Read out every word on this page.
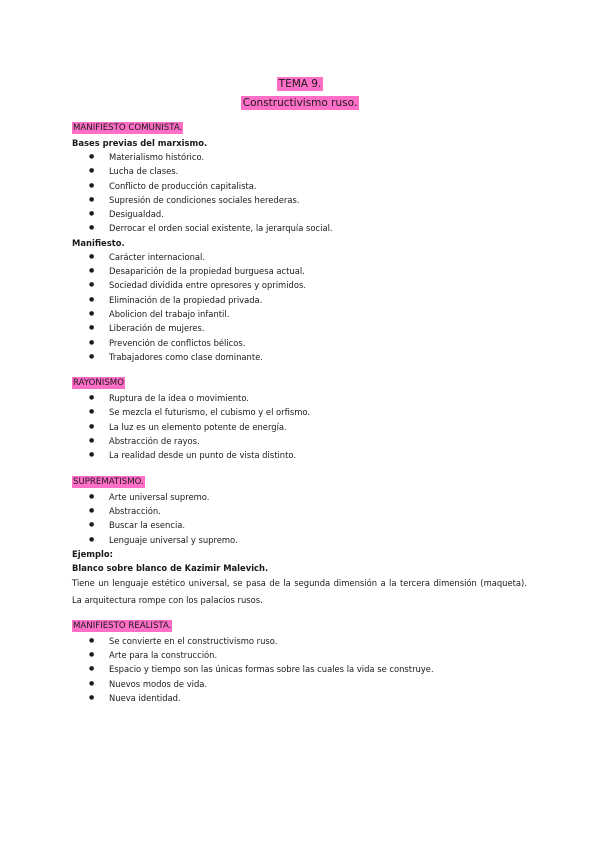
TEMA 9.
Constructivismo ruso.
MANIFIESTO COMUNISTA.
Bases previas del marxismo.
● Materialismo histórico.
● Lucha de clases.
● Conflicto de producción capitalista.
● Supresión de condiciones sociales herederas.
● Desigualdad.
● Derrocar el orden social existente, la jerarquía social.
Manifiesto.
● Carácter internacional.
● Desaparición de la propiedad burguesa actual.
● Sociedad dividida entre opresores y oprimidos.
● Eliminación de la propiedad privada.
● Abolicion del trabajo infantil.
● Liberación de mujeres.
● Prevención de conflictos bélicos.
● Trabajadores como clase dominante.
RAYONISMO
● Ruptura de la idea o movimiento.
● Se mezcla el futurismo, el cubismo y el orfismo.
● La luz es un elemento potente de energía.
● Abstracción de rayos.
● La realidad desde un punto de vista distinto.
SUPREMATISMO.
● Arte universal supremo.
● Abstracción.
● Buscar la esencia.
● Lenguaje universal y supremo.
Ejemplo:
Blanco sobre blanco de Kazimir Malevich.
Tiene un lenguaje estético universal, se pasa de la segunda dimensión a la tercera dimensión (maqueta). La arquitectura rompe con los palacios rusos.
MANIFIESTO REALISTA.
● Se convierte en el constructivismo ruso.
● Arte para la construcción.
● Espacio y tiempo son las únicas formas sobre las cuales la vida se construye.
● Nuevos modos de vida.
● Nueva identidad.
